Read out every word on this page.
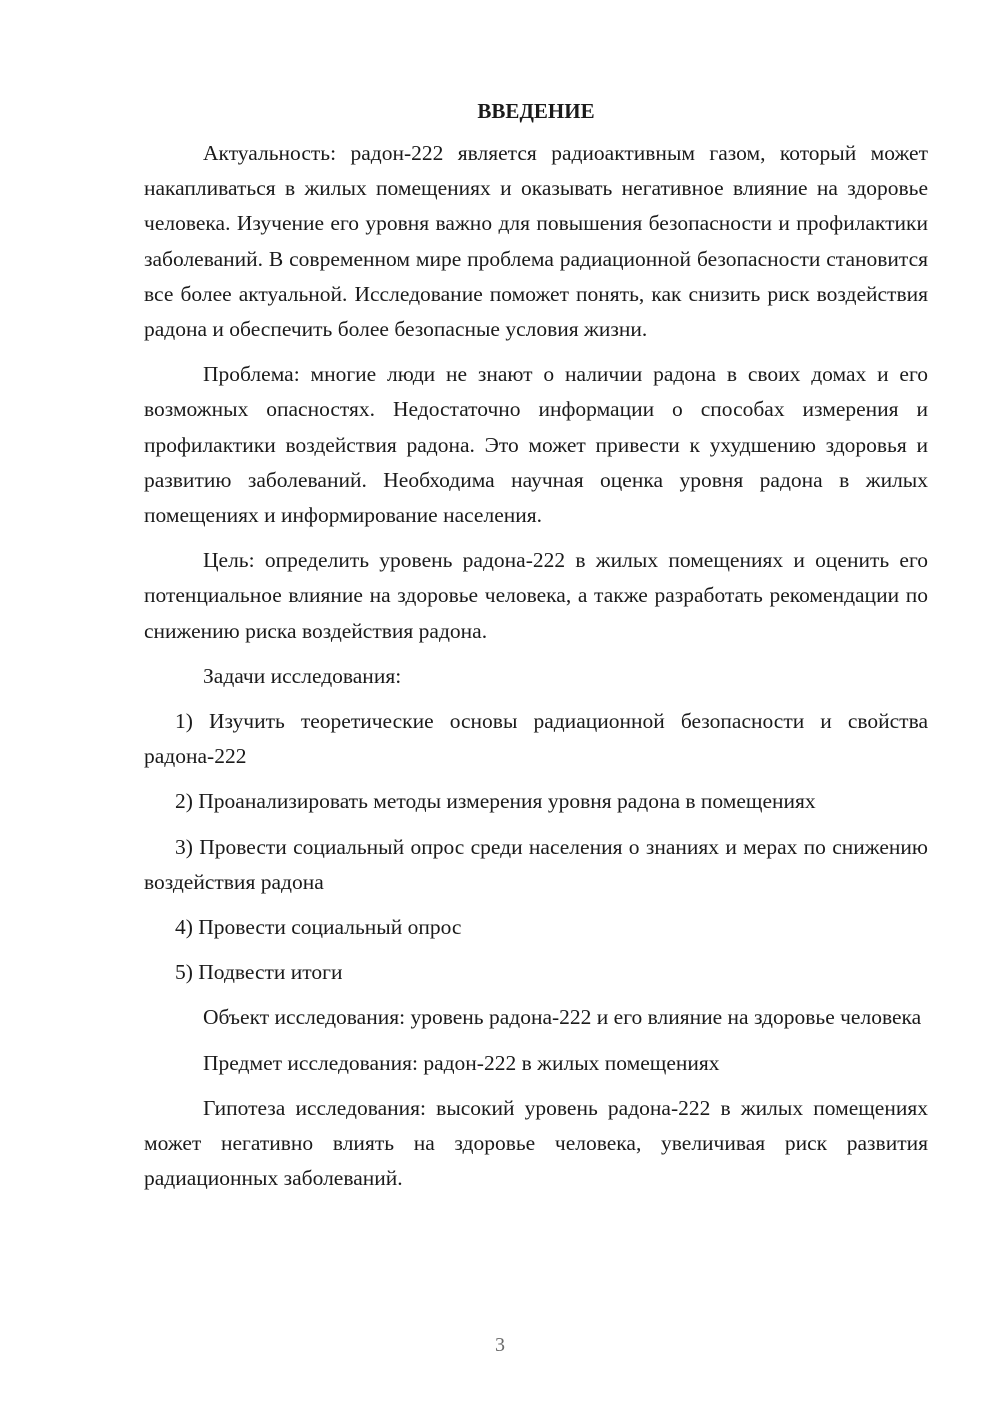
ВВЕДЕНИЕ

Актуальность: радон-222 является радиоактивным газом, который может накапливаться в жилых помещениях и оказывать негативное влияние на здоровье человека. Изучение его уровня важно для повышения безопасности и профилактики заболеваний. В современном мире проблема радиационной безопасности становится все более актуальной. Исследование поможет понять, как снизить риск воздействия радона и обеспечить более безопасные условия жизни.

Проблема: многие люди не знают о наличии радона в своих домах и его возможных опасностях. Недостаточно информации о способах измерения и профилактики воздействия радона. Это может привести к ухудшению здоровья и развитию заболеваний. Необходима научная оценка уровня радона в жилых помещениях и информирование населения.

Цель: определить уровень радона-222 в жилых помещениях и оценить его потенциальное влияние на здоровье человека, а также разработать рекомендации по снижению риска воздействия радона.

Задачи исследования:

1) Изучить теоретические основы радиационной безопасности и свойства радона-222

2) Проанализировать методы измерения уровня радона в помещениях

3) Провести социальный опрос среди населения о знаниях и мерах по снижению воздействия радона

4) Провести социальный опрос

5) Подвести итоги

Объект исследования: уровень радона-222 и его влияние на здоровье человека

Предмет исследования: радон-222 в жилых помещениях

Гипотеза исследования: высокий уровень радона-222 в жилых помещениях может негативно влиять на здоровье человека, увеличивая риск развития радиационных заболеваний.

3
